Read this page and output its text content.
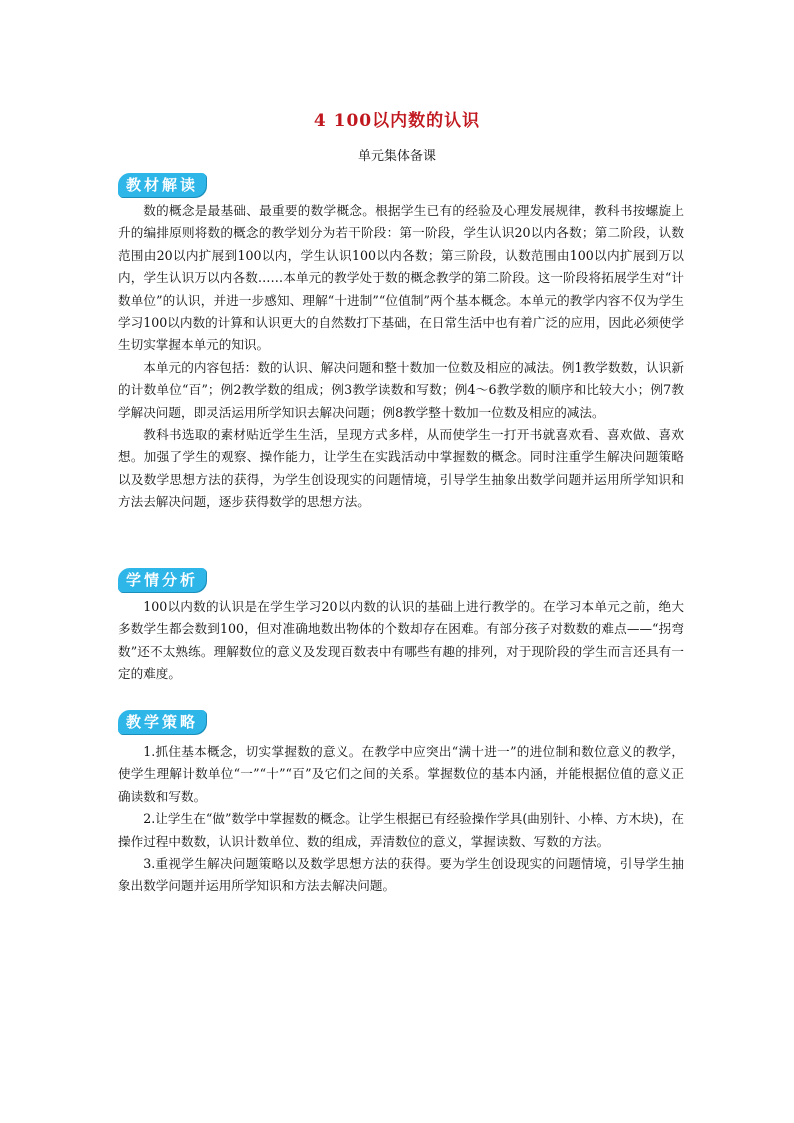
4 100以内数的认识
单元集体备课
教材解读

数的概念是最基础、最重要的数学概念。根据学生已有的经验及心理发展规律，教科书按螺旋上升的编排原则将数的概念的教学划分为若干阶段：第一阶段，学生认识20以内各数；第二阶段，认数范围由20以内扩展到100以内，学生认识100以内各数；第三阶段，认数范围由100以内扩展到万以内，学生认识万以内各数……本单元的教学处于数的概念教学的第二阶段。这一阶段将拓展学生对“计数单位”的认识，并进一步感知、理解“十进制”“位值制”两个基本概念。本单元的教学内容不仅为学生学习100以内数的计算和认识更大的自然数打下基础，在日常生活中也有着广泛的应用，因此必须使学生切实掌握本单元的知识。

本单元的内容包括：数的认识、解决问题和整十数加一位数及相应的减法。例1教学数数，认识新的计数单位“百”；例2教学数的组成；例3教学读数和写数；例4～6教学数的顺序和比较大小；例7教学解决问题，即灵活运用所学知识去解决问题；例8教学整十数加一位数及相应的减法。

教科书选取的素材贴近学生生活，呈现方式多样，从而使学生一打开书就喜欢看、喜欢做、喜欢想。加强了学生的观察、操作能力，让学生在实践活动中掌握数的概念。同时注重学生解决问题策略以及数学思想方法的获得，为学生创设现实的问题情境，引导学生抽象出数学问题并运用所学知识和方法去解决问题，逐步获得数学的思想方法。

学情分析

100以内数的认识是在学生学习20以内数的认识的基础上进行教学的。在学习本单元之前，绝大多数学生都会数到100，但对准确地数出物体的个数却存在困难。有部分孩子对数数的难点——“拐弯数”还不太熟练。理解数位的意义及发现百数表中有哪些有趣的排列，对于现阶段的学生而言还具有一定的难度。

教学策略

1.抓住基本概念，切实掌握数的意义。在教学中应突出“满十进一”的进位制和数位意义的教学，使学生理解计数单位“一”“十”“百”及它们之间的关系。掌握数位的基本内涵，并能根据位值的意义正确读数和写数。

2.让学生在“做”数学中掌握数的概念。让学生根据已有经验操作学具(曲别针、小棒、方木块)，在操作过程中数数，认识计数单位、数的组成，弄清数位的意义，掌握读数、写数的方法。

3.重视学生解决问题策略以及数学思想方法的获得。要为学生创设现实的问题情境，引导学生抽象出数学问题并运用所学知识和方法去解决问题。
